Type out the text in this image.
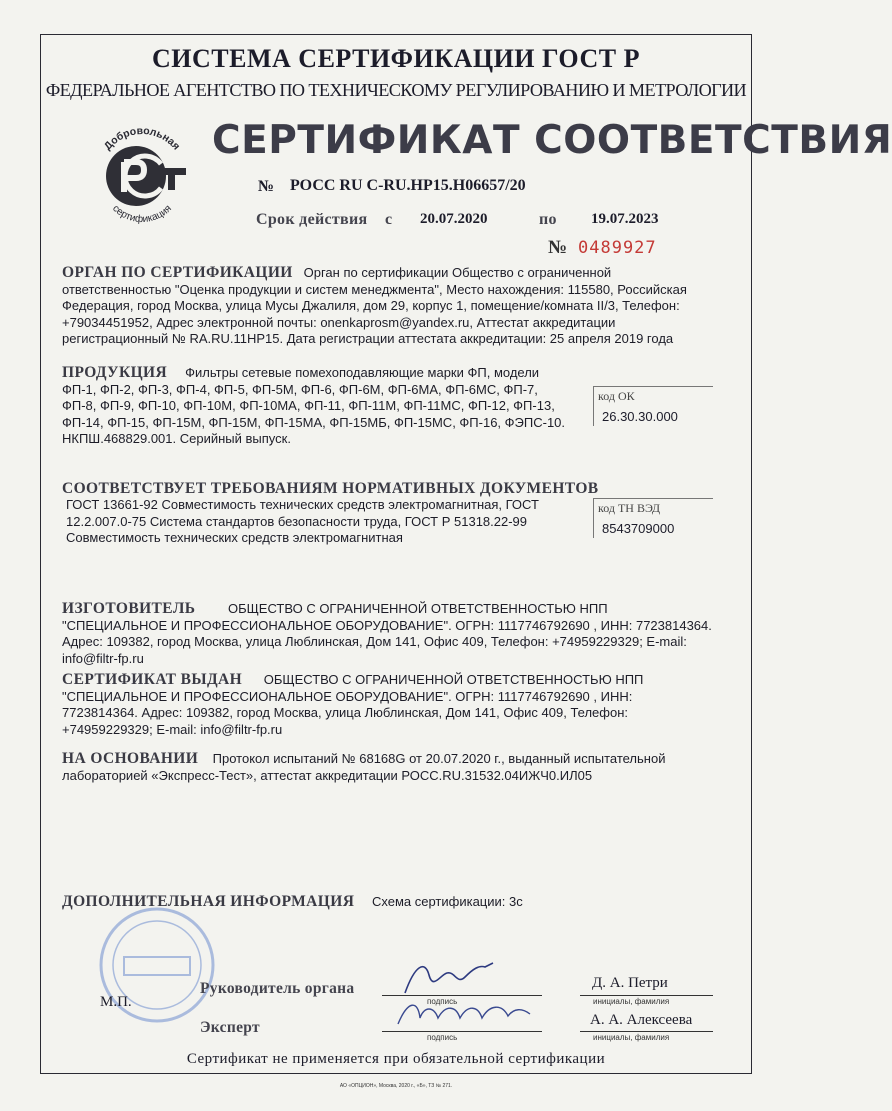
СИСТЕМА СЕРТИФИКАЦИИ ГОСТ Р
ФЕДЕРАЛЬНОЕ АГЕНТСТВО ПО ТЕХНИЧЕСКОМУ РЕГУЛИРОВАНИЮ И МЕТРОЛОГИИ
Добровольная
сертификация
СЕРТИФИКАТ СООТВЕТСТВИЯ
№ РОСС RU C-RU.НР15.Н06657/20
Срок действия с 20.07.2020	по 19.07.2023
№ 0489927
ОРГАН ПО СЕРТИФИКАЦИИ Орган по сертификации Общество с ограниченной ответственностью "Оценка продукции и систем менеджмента", Место нахождения: 115580, Российская Федерация, город Москва, улица Мусы Джалиля, дом 29, корпус 1, помещение/комната II/3, Телефон: +79034451952, Адрес электронной почты: onenkaprosm@yandex.ru, Аттестат аккредитации регистрационный № RA.RU.11НР15. Дата регистрации аттестата аккредитации: 25 апреля 2019 года
ПРОДУКЦИЯ Фильтры сетевые помехоподавляющие марки ФП, модели ФП-1, ФП-2, ФП-3, ФП-4, ФП-5, ФП-5М, ФП-6, ФП-6М, ФП-6МА, ФП-6МС, ФП-7, ФП-8, ФП-9, ФП-10, ФП-10М, ФП-10МА, ФП-11, ФП-11М, ФП-11МС, ФП-12, ФП-13, ФП-14, ФП-15, ФП-15М, ФП-15М, ФП-15МА, ФП-15МБ, ФП-15МС, ФП-16, ФЭПС-10. НКПШ.468829.001. Серийный выпуск.
код ОК
26.30.30.000
СООТВЕТСТВУЕТ ТРЕБОВАНИЯМ НОРМАТИВНЫХ ДОКУМЕНТОВ
ГОСТ 13661-92 Совместимость технических средств электромагнитная, ГОСТ 12.2.007.0-75 Система стандартов безопасности труда, ГОСТ Р 51318.22-99 Совместимость технических средств электромагнитная
код ТН ВЭД
8543709000
ИЗГОТОВИТЕЛЬ	ОБЩЕСТВО С ОГРАНИЧЕННОЙ ОТВЕТСТВЕННОСТЬЮ НПП "СПЕЦИАЛЬНОЕ И ПРОФЕССИОНАЛЬНОЕ ОБОРУДОВАНИЕ". ОГРН: 1117746792690 , ИНН: 7723814364. Адрес: 109382, город Москва, улица Люблинская, Дом 141, Офис 409, Телефон: +74959229329; E-mail: info@filtr-fp.ru
СЕРТИФИКАТ ВЫДАН ОБЩЕСТВО С ОГРАНИЧЕННОЙ ОТВЕТСТВЕННОСТЬЮ НПП "СПЕЦИАЛЬНОЕ И ПРОФЕССИОНАЛЬНОЕ ОБОРУДОВАНИЕ". ОГРН: 1117746792690 , ИНН: 7723814364. Адрес: 109382, город Москва, улица Люблинская, Дом 141, Офис 409, Телефон: +74959229329; E-mail: info@filtr-fp.ru
НА ОСНОВАНИИ Протокол испытаний № 68168G от 20.07.2020 г., выданный испытательной лабораторией «Экспресс-Тест», аттестат аккредитации РОСС.RU.31532.04ИЖЧ0.ИЛ05
ДОПОЛНИТЕЛЬНАЯ ИНФОРМАЦИЯ Схема сертификации: 3с
М.П.
Руководитель органа
Эксперт
подпись
Д. А. Петри
инициалы, фамилия
подпись
А. А. Алексеева
инициалы, фамилия
Сертификат не применяется при обязательной сертификации
АО «ОПЦИОН», Москва, 2020 г., «Б», ТЗ № 271.
